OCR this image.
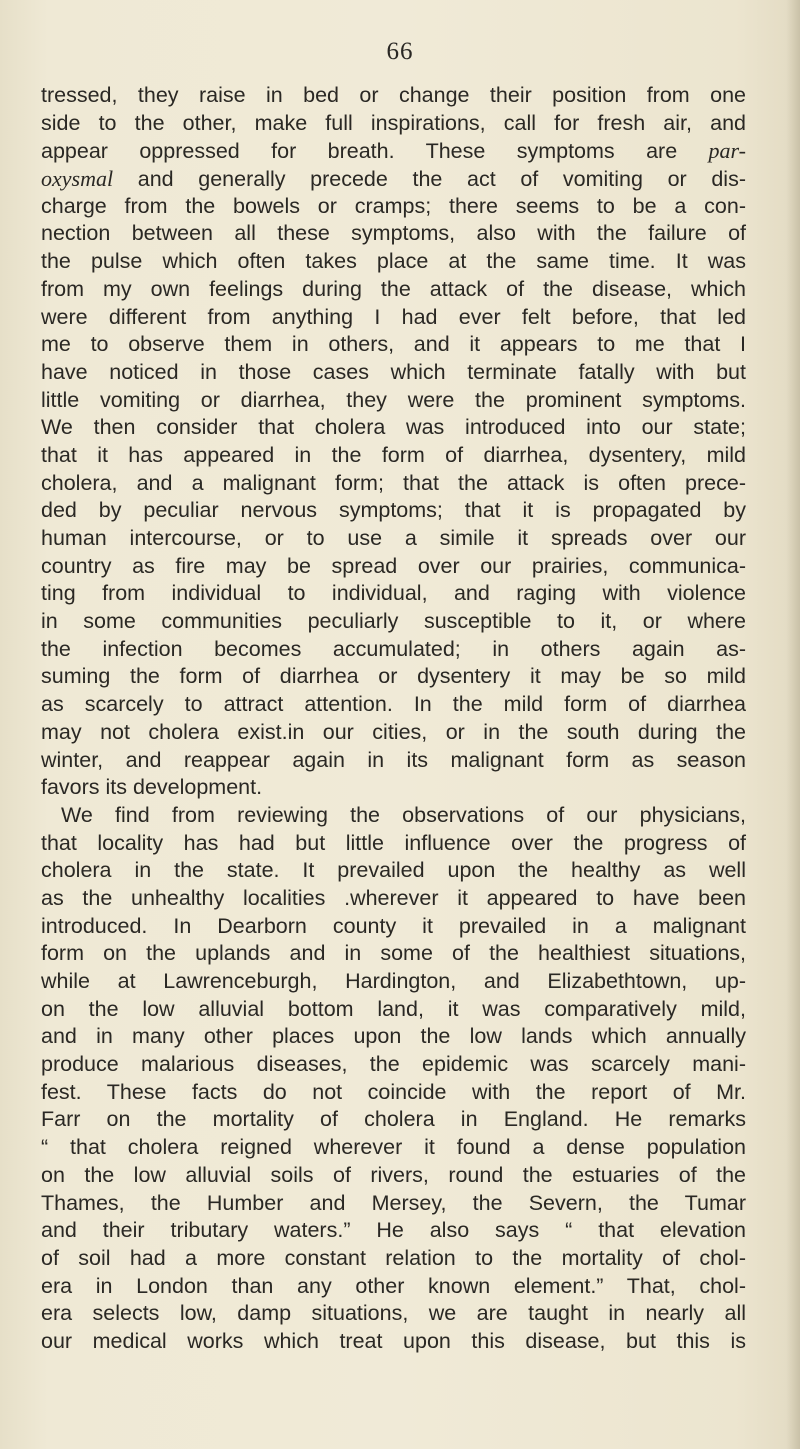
66
tressed, they raise in bed or change their position from one
side to the other, make full inspirations, call for fresh air, and
appear oppressed for breath. These symptoms are par-
oxysmal and generally precede the act of vomiting or dis-
charge from the bowels or cramps; there seems to be a con-
nection between all these symptoms, also with the failure of
the pulse which often takes place at the same time. It was
from my own feelings during the attack of the disease, which
were different from anything I had ever felt before, that led
me to observe them in others, and it appears to me that I
have noticed in those cases which terminate fatally with but
little vomiting or diarrhea, they were the prominent symptoms.
We then consider that cholera was introduced into our state;
that it has appeared in the form of diarrhea, dysentery, mild
cholera, and a malignant form; that the attack is often prece-
ded by peculiar nervous symptoms; that it is propagated by
human intercourse, or to use a simile it spreads over our
country as fire may be spread over our prairies, communica-
ting from individual to individual, and raging with violence
in some communities peculiarly susceptible to it, or where
the infection becomes accumulated; in others again as-
suming the form of diarrhea or dysentery it may be so mild
as scarcely to attract attention. In the mild form of diarrhea
may not cholera exist.in our cities, or in the south during the
winter, and reappear again in its malignant form as season
favors its development.
We find from reviewing the observations of our physicians,
that locality has had but little influence over the progress of
cholera in the state. It prevailed upon the healthy as well
as the unhealthy localities .wherever it appeared to have been
introduced. In Dearborn county it prevailed in a malignant
form on the uplands and in some of the healthiest situations,
while at Lawrenceburgh, Hardington, and Elizabethtown, up-
on the low alluvial bottom land, it was comparatively mild,
and in many other places upon the low lands which annually
produce malarious diseases, the epidemic was scarcely mani-
fest. These facts do not coincide with the report of Mr.
Farr on the mortality of cholera in England. He remarks
“ that cholera reigned wherever it found a dense population
on the low alluvial soils of rivers, round the estuaries of the
Thames, the Humber and Mersey, the Severn, the Tumar
and their tributary waters.” He also says “ that elevation
of soil had a more constant relation to the mortality of chol-
era in London than any other known element.” That, chol-
era selects low, damp situations, we are taught in nearly all
our medical works which treat upon this disease, but this is
